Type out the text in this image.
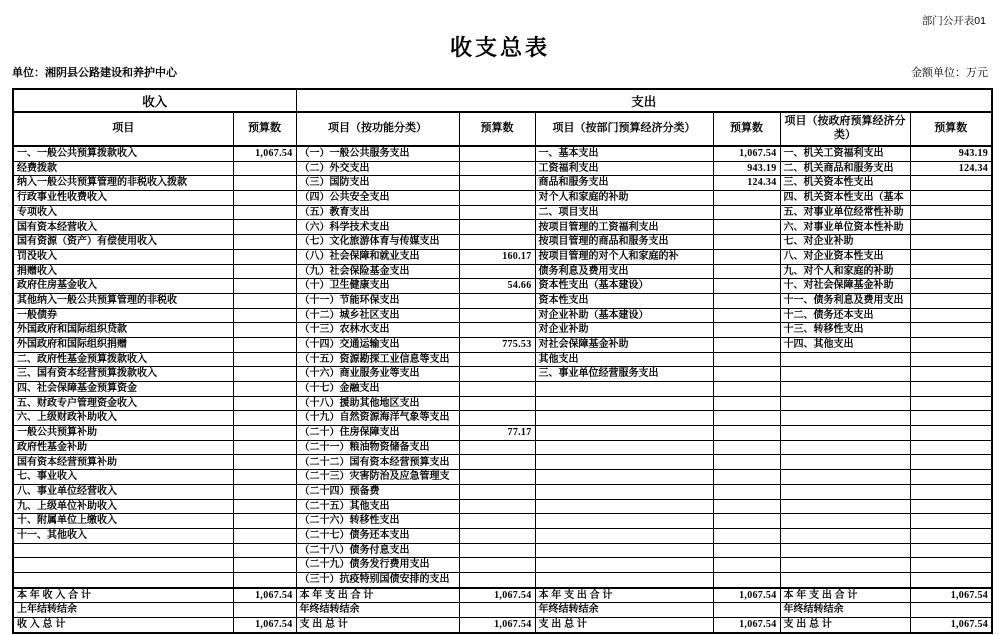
部门公开表01
收支总表
单位：湘阴县公路建设和养护中心	金额单位：万元
收入		支出					
项目	预算数	项目（按功能分类）	预算数	项目（按部门预算经济分类）	预算数	项目（按政府预算经济分类）	预算数
一、一般公共预算拨款收入	1,067.54	（一）一般公共服务支出		一、基本支出	1,067.54	一、机关工资福利支出	943.19
经费拨款		（二）外交支出		工资福利支出	943.19	二、机关商品和服务支出	124.34
纳入一般公共预算管理的非税收入拨款		（三）国防支出		商品和服务支出	124.34	三、机关资本性支出	
行政事业性收费收入		（四）公共安全支出		对个人和家庭的补助		四、机关资本性支出（基本	
专项收入		（五）教育支出		二、项目支出		五、对事业单位经常性补助	
国有资本经营收入		（六）科学技术支出		按项目管理的工资福利支出		六、对事业单位资本性补助	
国有资源（资产）有偿使用收入		（七）文化旅游体育与传媒支出		按项目管理的商品和服务支出		七、对企业补助	
罚没收入		（八）社会保障和就业支出	160.17	按项目管理的对个人和家庭的补		八、对企业资本性支出	
捐赠收入		（九）社会保险基金支出		债务利息及费用支出		九、对个人和家庭的补助	
政府住房基金收入		（十）卫生健康支出	54.66	资本性支出（基本建设）		十、对社会保障基金补助	
其他纳入一般公共预算管理的非税收		（十一）节能环保支出		资本性支出		十一、债务利息及费用支出	
一般债券		（十二）城乡社区支出		对企业补助（基本建设）		十二、债务还本支出	
外国政府和国际组织贷款		（十三）农林水支出		对企业补助		十三、转移性支出	
外国政府和国际组织捐赠		（十四）交通运输支出	775.53	对社会保障基金补助		十四、其他支出	
二、政府性基金预算拨款收入		（十五）资源勘探工业信息等支出		其他支出			
三、国有资本经营预算拨款收入		（十六）商业服务业等支出		三、事业单位经营服务支出			
四、社会保障基金预算资金		（十七）金融支出					
五、财政专户管理资金收入		（十八）援助其他地区支出					
六、上级财政补助收入		（十九）自然资源海洋气象等支出					
一般公共预算补助		（二十）住房保障支出	77.17				
政府性基金补助		（二十一）粮油物资储备支出					
国有资本经营预算补助		（二十二）国有资本经营预算支出					
七、事业收入		（二十三）灾害防治及应急管理支					
八、事业单位经营收入		（二十四）预备费					
九、上级单位补助收入		（二十五）其他支出					
十、附属单位上缴收入		（二十六）转移性支出					
十一、其他收入		（二十七）债务还本支出					
		（二十八）债务付息支出					
		（二十九）债务发行费用支出					
		（三十）抗疫特别国债安排的支出					
本 年 收 入 合 计	1,067.54	本 年 支 出 合 计	1,067.54	本 年 支 出 合 计	1,067.54	本 年 支 出 合 计	1,067.54
上年结转结余		年终结转结余		年终结转结余		年终结转结余	
收 入 总 计	1,067.54	支 出 总 计	1,067.54	支 出 总 计	1,067.54	支 出 总 计	1,067.54
